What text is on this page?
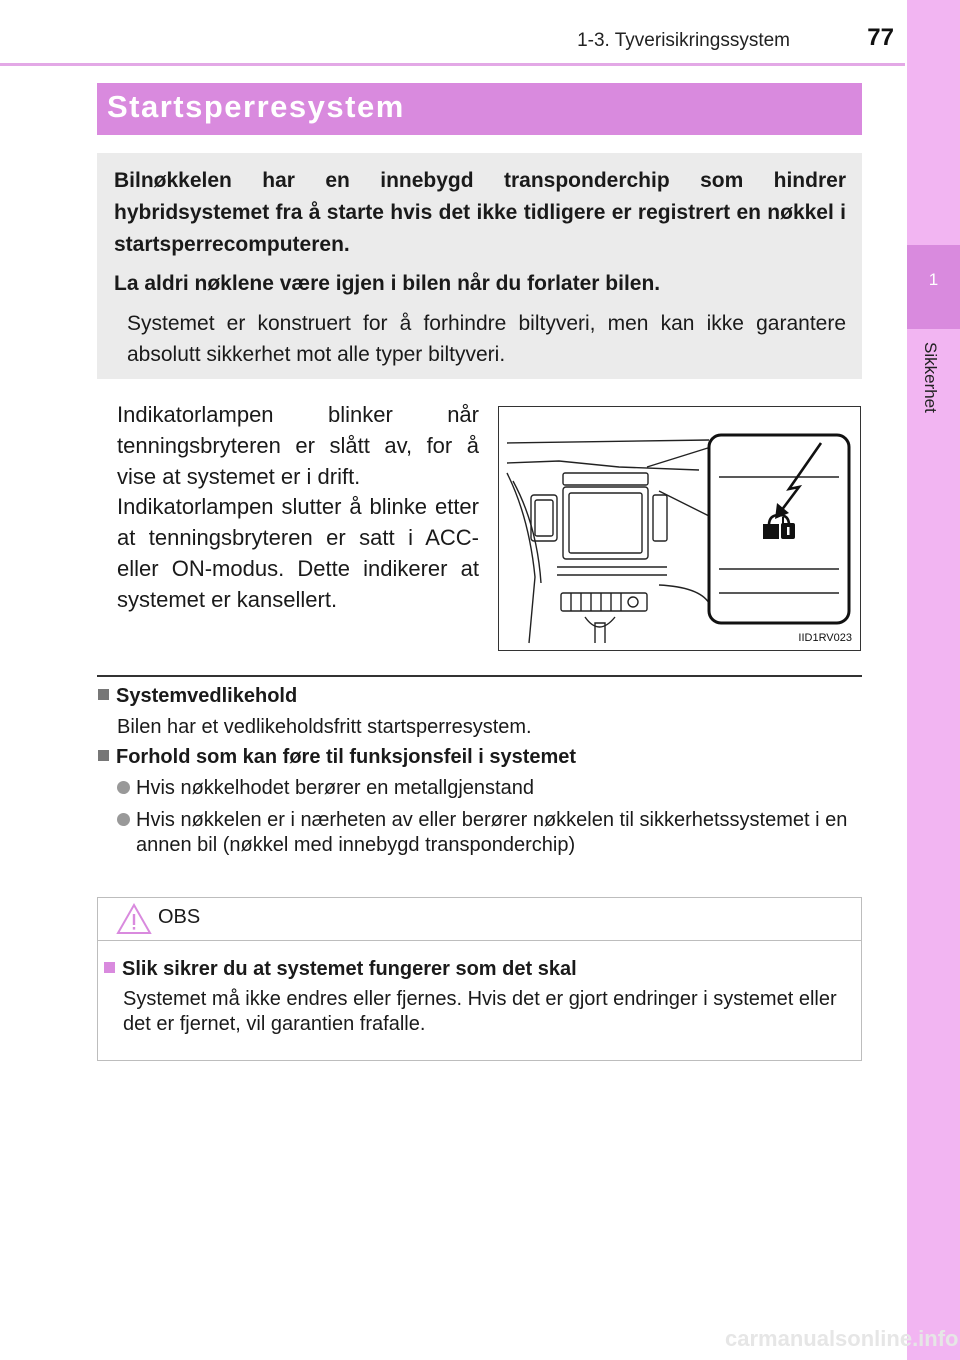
1-3. Tyverisikringssystem	77
1
Sikkerhet
Startsperresystem

Bilnøkkelen har en innebygd transponderchip som hindrer hybridsystemet fra å starte hvis det ikke tidligere er registrert en nøkkel i startsperrecomputeren.

La aldri nøklene være igjen i bilen når du forlater bilen.

Systemet er konstruert for å forhindre biltyveri, men kan ikke garantere absolutt sikkerhet mot alle typer biltyveri.

Indikatorlampen blinker når tenningsbryteren er slått av, for å vise at systemet er i drift.

Indikatorlampen slutter å blinke etter at tenningsbryteren er satt i ACC- eller ON-modus. Dette indikerer at systemet er kansellert.

IID1RV023
Systemvedlikehold

Bilen har et vedlikeholdsfritt startsperresystem.

Forhold som kan føre til funksjonsfeil i systemet
Hvis nøkkelhodet berører en metallgjenstand
Hvis nøkkelen er i nærheten av eller berører nøkkelen til sikkerhetssystemet i en annen bil (nøkkel med innebygd transponderchip)
OBS
Slik sikrer du at systemet fungerer som det skal

Systemet må ikke endres eller fjernes. Hvis det er gjort endringer i systemet eller det er fjernet, vil garantien frafalle.

carmanualsonline.info
